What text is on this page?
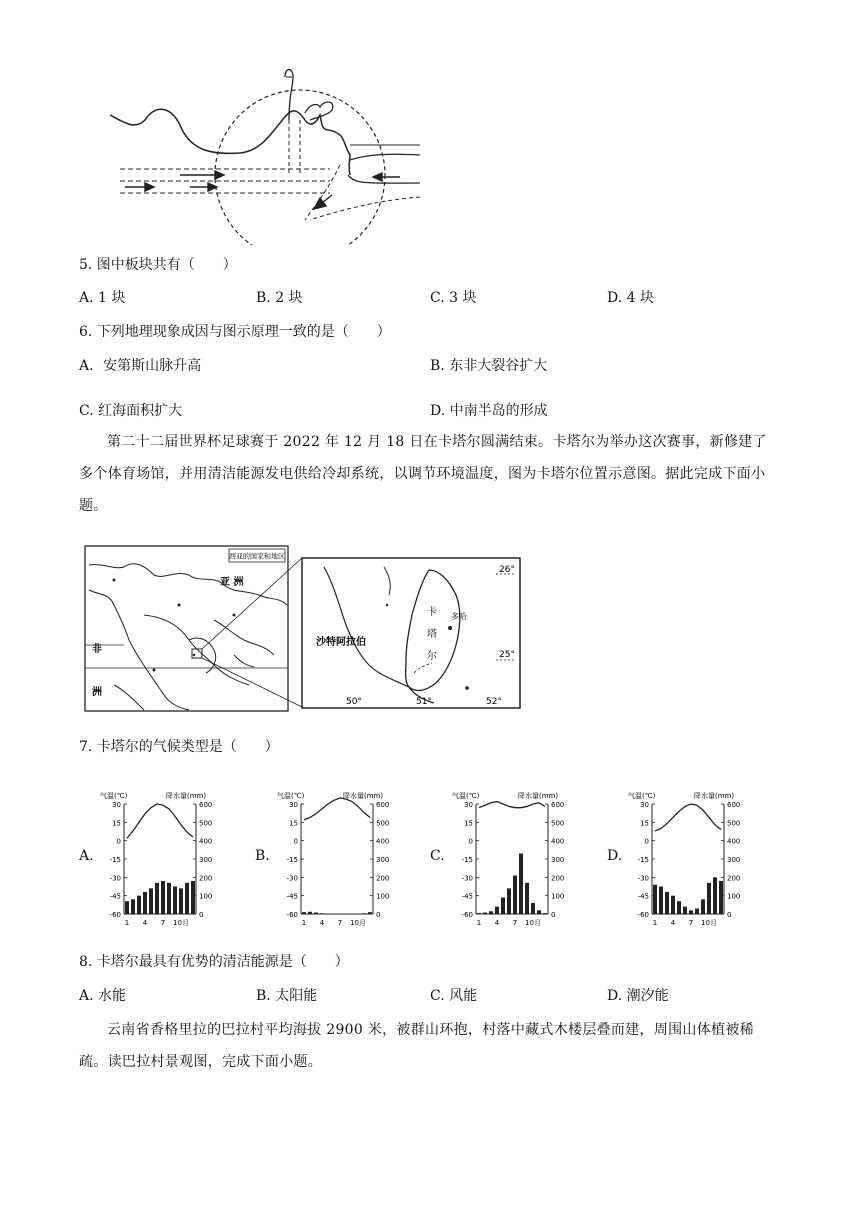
5. 图中板块共有（　　）
A. 1 块	B. 2 块	C. 3 块	D. 4 块
6. 下列地理现象成因与图示原理一致的是（　　）
A．安第斯山脉升高	B. 东非大裂谷扩大
C. 红海面积扩大	D. 中南半岛的形成
第二十二届世界杯足球赛于 2022 年 12 月 18 日在卡塔尔圆满结束。卡塔尔为举办这次赛事，新修建了多个体育场馆，并用清洁能源发电供给冷却系统，以调节环境温度，图为卡塔尔位置示意图。据此完成下面小题。
西亚的国家和地区
亚 洲
非
洲
26°
25°
50°	51°	52°
沙特阿拉伯
卡
塔
尔
多哈
7. 卡塔尔的气候类型是（　　）
A.	B.	C.	D.
气温(℃)	降水量(mm)
30
15
0
-15
-30
-45
-60
600
500
400
300
200
100
0
1 4 7 10月
气温(℃)	降水量(mm)
30
15
0
-15
-30
-45
-60
600
500
400
300
200
100
0
1 4 7 10月
气温(℃)	降水量(mm)
30
15
0
-15
-30
-45
-60
600
500
400
300
200
100
0
1 4 7 10月
气温(℃)	降水量(mm)
30
15
0
-15
-30
-45
-60
600
500
400
300
200
100
0
1 4 7 10月
8. 卡塔尔最具有优势的清洁能源是（　　）
A. 水能	B. 太阳能	C. 风能	D. 潮汐能
云南省香格里拉的巴拉村平均海拔 2900 米，被群山环抱，村落中藏式木楼层叠而建，周围山体植被稀疏。读巴拉村景观图，完成下面小题。
